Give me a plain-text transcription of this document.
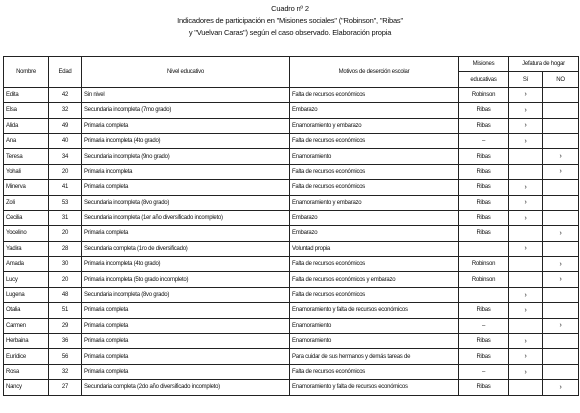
Cuadro nº 2
Indicadores de participación en "Misiones sociales" ("Robinson", "Ribas"
y "Vuelvan Caras") según el caso observado. Elaboración propia
Nombre	Edad	Nivel educativo	Motivos de deserción escolar	Misiones	Jefatura de hogar	
				educativas	Sí	NO
Edita	42	Sin nivel	Falta de recursos económicos	Robinson	›	
Elsa	32	Secundaria incompleta (7mo grado)	Embarazo	Ribas	›	
Alida	49	Primaria completa	Enamoramiento y embarazo	Ribas	›	
Ana	40	Primaria incompleta (4to grado)	Falta de recursos económicos	–	›	
Teresa	34	Secundaria incompleta (9no grado)	Enamoramiento	Ribas		›
Yohali	20	Primaria incompleta	Falta de recursos económicos	Ribas		›
Minerva	41	Primaria completa	Falta de recursos económicos	Ribas	›	
Zoli	53	Secundaria incompleta (8vo grado)	Enamoramiento y embarazo	Ribas	›	
Cecilia	31	Secundaria incompleta (1er año diversificado incompleto)	Embarazo	Ribas	›	
Yocelino	20	Primaria completa	Embarazo	Ribas		›
Yadira	28	Secundaria completa (1ro de diversificado)	Voluntad propia		›	
Amada	30	Primaria incompleta (4to grado)	Falta de recursos económicos	Robinson		›
Lucy	20	Primaria incompleta (5to grado incompleto)	Falta de recursos económicos y embarazo	Robinson		›
Lugena	48	Secundaria incompleta (8vo grado)	Falta de recursos económicos		›	
Otalia	51	Primaria completa	Enamoramiento y falta de recursos económicos	Ribas	›	
Carmen	29	Primaria completa	Enamoramiento	–		›
Herbaina	36	Primaria completa	Enamoramiento	Ribas	›	
Eurídice	56	Primaria completa	Para cuidar de sus hermanos y demás tareas de	Ribas	›	
Rosa	32	Primaria completa	Falta de recursos económicos	–	›	
Nancy	27	Secundaria completa (2do año diversificado incompleto)	Enamoramiento y falta de recursos económicos	Ribas		›
